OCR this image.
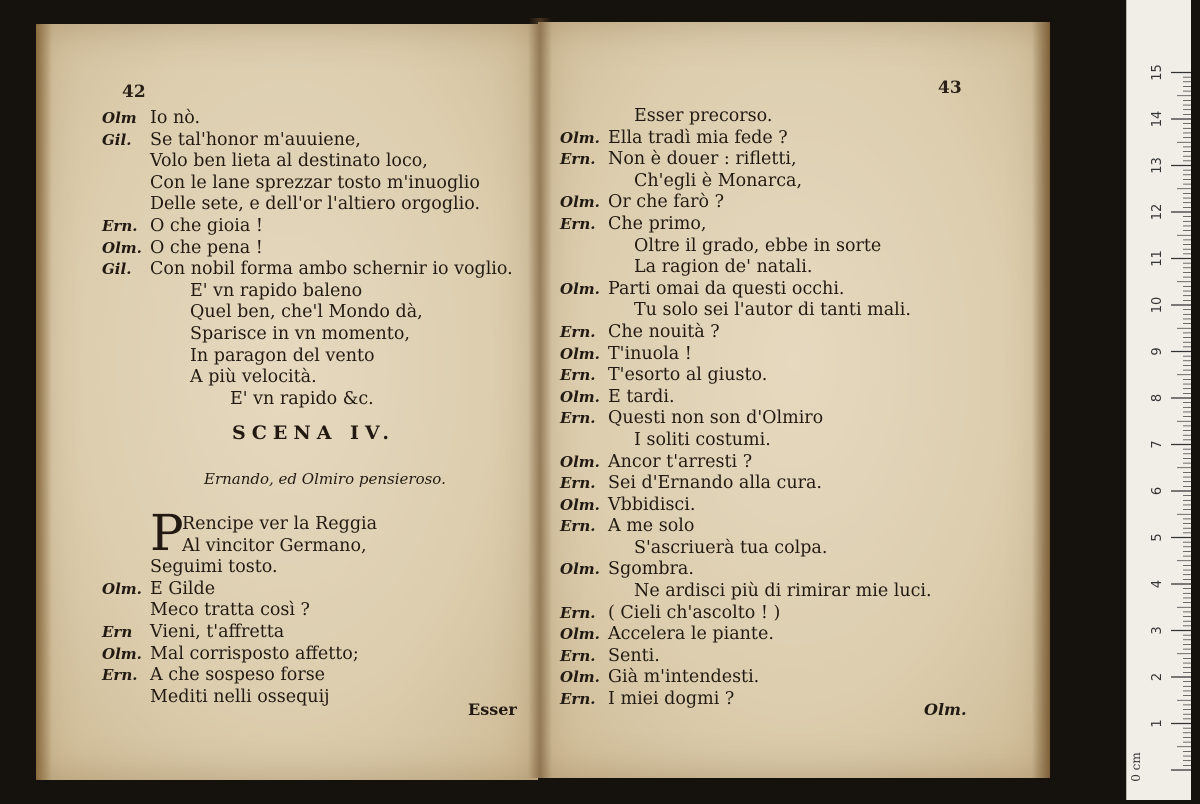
42
Olm Io nò.
Gil. Se tal'honor m'auuiene,
Volo ben lieta al destinato loco,
Con le lane sprezzar tosto m'inuoglio
Delle sete, e dell'or l'altiero orgoglio.
Ern. O che gioia !
Olm. O che pena !
Gil. Con nobil forma ambo schernir io voglio.
E' vn rapido baleno
Quel ben, che'l Mondo dà,
Sparisce in vn momento,
In paragon del vento
A più velocità.
E' vn rapido &c.
SCENA IV.
Ernando, ed Olmiro pensieroso.
P
Rencipe ver la Reggia
Al vincitor Germano,
Seguimi tosto.
Olm. E Gilde
Meco tratta così ?
Ern Vieni, t'affretta
Olm. Mal corrisposto affetto;
Ern. A che sospeso forse
Mediti nelli ossequij
Esser
43
Esser precorso.
Olm. Ella tradì mia fede ?
Ern. Non è douer : rifletti,
Ch'egli è Monarca,
Olm. Or che farò ?
Ern. Che primo,
Oltre il grado, ebbe in sorte
La ragion de' natali.
Olm. Parti omai da questi occhi.
Tu solo sei l'autor di tanti mali.
Ern. Che nouità ?
Olm. T'inuola !
Ern. T'esorto al giusto.
Olm. E tardi.
Ern. Questi non son d'Olmiro
I soliti costumi.
Olm. Ancor t'arresti ?
Ern. Sei d'Ernando alla cura.
Olm. Vbbidisci.
Ern. A me solo
S'ascriuerà tua colpa.
Olm. Sgombra.
Ne ardisci più di rimirar mie luci.
Ern. ( Cieli ch'ascolto ! )
Olm. Accelera le piante.
Ern. Senti.
Olm. Già m'intendesti.
Ern. I miei dogmi ?
Olm.
1
2
3
4
5
6
7
8
9
10
11
12
13
14
15
0 cm
